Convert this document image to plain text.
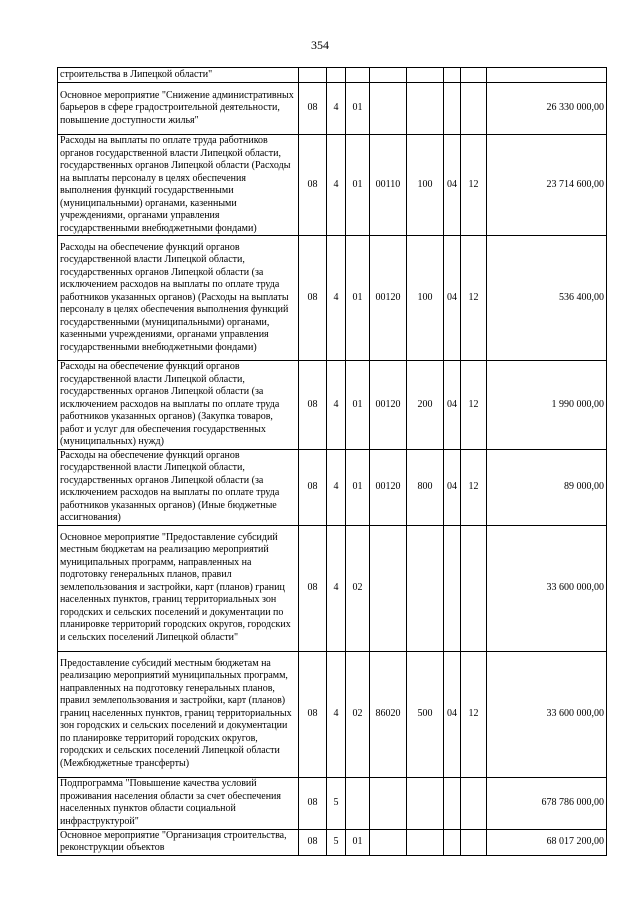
354
строительства в Липецкой области"								
Основное мероприятие "Снижение административных барьеров в сфере градостроительной деятельности, повышение доступности жилья"	08	4	01					26 330 000,00
Расходы на выплаты по оплате труда работников органов государственной власти Липецкой области, государственных органов Липецкой области (Расходы на выплаты персоналу в целях обеспечения выполнения функций государственными (муниципальными) органами, казенными учреждениями, органами управления государственными внебюджетными фондами)	08	4	01	00110	100	04	12	23 714 600,00
Расходы на обеспечение функций органов государственной власти Липецкой области, государственных органов Липецкой области (за исключением расходов на выплаты по оплате труда работников указанных органов) (Расходы на выплаты персоналу в целях обеспечения выполнения функций государственными (муниципальными) органами, казенными учреждениями, органами управления государственными внебюджетными фондами)	08	4	01	00120	100	04	12	536 400,00
Расходы на обеспечение функций органов государственной власти Липецкой области, государственных органов Липецкой области (за исключением расходов на выплаты по оплате труда работников указанных органов) (Закупка товаров, работ и услуг для обеспечения государственных (муниципальных) нужд)	08	4	01	00120	200	04	12	1 990 000,00
Расходы на обеспечение функций органов государственной власти Липецкой области, государственных органов Липецкой области (за исключением расходов на выплаты по оплате труда работников указанных органов) (Иные бюджетные ассигнования)	08	4	01	00120	800	04	12	89 000,00
Основное мероприятие "Предоставление субсидий местным бюджетам на реализацию мероприятий муниципальных программ, направленных на подготовку генеральных планов, правил землепользования и застройки, карт (планов) границ населенных пунктов, границ территориальных зон городских и сельских поселений и документации по планировке территорий городских округов, городских и сельских поселений Липецкой области"	08	4	02					33 600 000,00
Предоставление субсидий местным бюджетам на реализацию мероприятий муниципальных программ, направленных на подготовку генеральных планов, правил землепользования и застройки, карт (планов) границ населенных пунктов, границ территориальных зон городских и сельских поселений и документации по планировке территорий городских округов, городских и сельских поселений Липецкой области (Межбюджетные трансферты)	08	4	02	86020	500	04	12	33 600 000,00
Подпрограмма "Повышение качества условий проживания населения области за счет обеспечения населенных пунктов области социальной инфраструктурой"	08	5						678 786 000,00
Основное мероприятие "Организация строительства, реконструкции объектов	08	5	01					68 017 200,00
